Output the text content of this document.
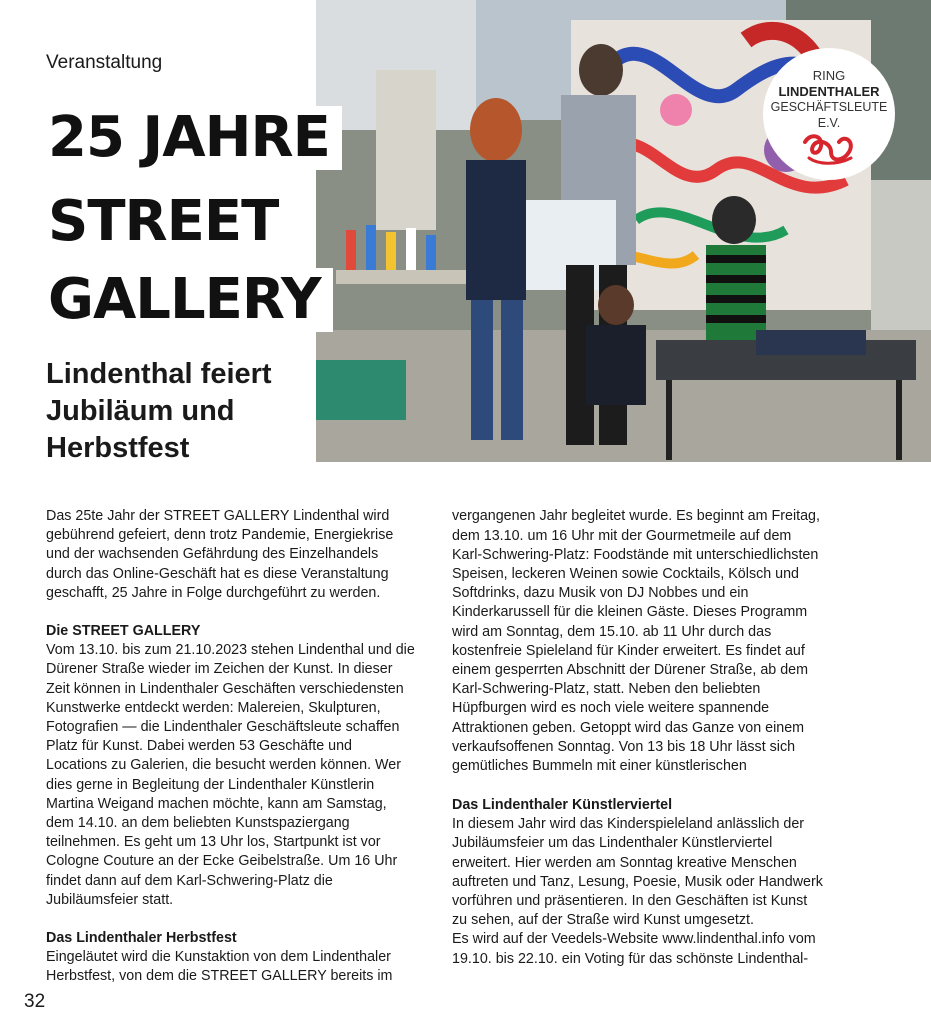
RING
LINDENTHALER
GESCHÄFTSLEUTE
E.V.
Veranstaltung
25 JAHRE
STREET
GALLERY
Lindenthal feiert Jubiläum und Herbstfest

Das 25te Jahr der STREET GALLERY Lindenthal wird gebührend gefeiert, denn trotz Pandemie, Energiekrise und der wachsenden Gefährdung des Einzelhandels durch das Online-Geschäft hat es diese Veranstaltung geschafft, 25 Jahre in Folge durchgeführt zu werden.

Die STREET GALLERY

Vom 13.10. bis zum 21.10.2023 stehen Lindenthal und die Dürener Straße wieder im Zeichen der Kunst. In dieser Zeit können in Lindenthaler Geschäften verschiedensten Kunstwerke entdeckt werden: Malereien, Skulpturen, Fotografien — die Lindenthaler Geschäftsleute schaffen Platz für Kunst. Dabei werden 53 Geschäfte und Locations zu Galerien, die besucht werden können. Wer dies gerne in Begleitung der Lindenthaler Künstlerin Martina Weigand machen möchte, kann am Samstag, dem 14.10. an dem beliebten Kunstspaziergang teilnehmen. Es geht um 13 Uhr los, Startpunkt ist vor Cologne Couture an der Ecke Geibelstraße. Um 16 Uhr findet dann auf dem Karl-Schwering-Platz die Jubiläumsfeier statt.

Das Lindenthaler Herbstfest

Eingeläutet wird die Kunstaktion von dem Lindenthaler Herbstfest, von dem die STREET GALLERY bereits im

vergangenen Jahr begleitet wurde. Es beginnt am Freitag, dem 13.10. um 16 Uhr mit der Gourmetmeile auf dem Karl-Schwering-Platz: Foodstände mit unterschiedlichsten Speisen, leckeren Weinen sowie Cocktails, Kölsch und Softdrinks, dazu Musik von DJ Nobbes und ein Kinderkarussell für die kleinen Gäste. Dieses Programm wird am Sonntag, dem 15.10. ab 11 Uhr durch das kostenfreie Spieleland für Kinder erweitert. Es findet auf einem gesperrten Abschnitt der Dürener Straße, ab dem Karl-Schwering-Platz, statt. Neben den beliebten Hüpfburgen wird es noch viele weitere spannende Attraktionen geben. Getoppt wird das Ganze von einem verkaufsoffenen Sonntag. Von 13 bis 18 Uhr lässt sich gemütliches Bummeln mit einer künstlerischen

Das Lindenthaler Künstlerviertel

In diesem Jahr wird das Kinderspieleland anlässlich der Jubiläumsfeier um das Lindenthaler Künstlerviertel erweitert. Hier werden am Sonntag kreative Menschen auftreten und Tanz, Lesung, Poesie, Musik oder Handwerk vorführen und präsentieren. In den Geschäften ist Kunst zu sehen, auf der Straße wird Kunst umgesetzt.

Es wird auf der Veedels-Website www.lindenthal.info vom 19.10. bis 22.10. ein Voting für das schönste Lindenthal-

32
